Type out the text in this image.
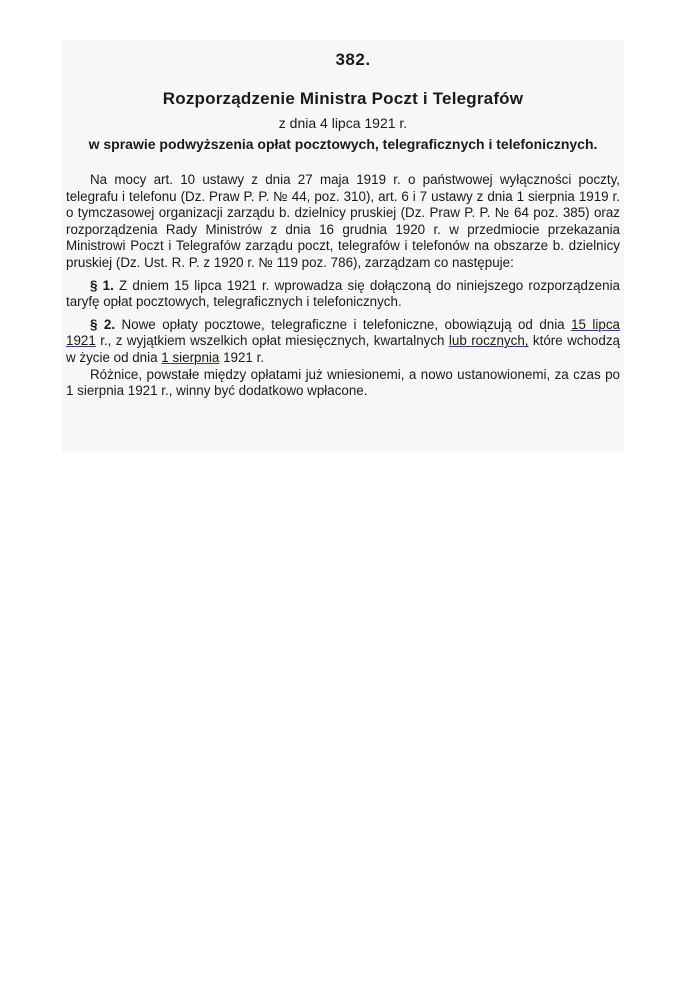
382.
Rozporządzenie Ministra Poczt i Telegrafów
z dnia 4 lipca 1921 r.
w sprawie podwyższenia opłat pocztowych, telegraficznych i telefonicznych.

Na mocy art. 10 ustawy z dnia 27 maja 1919 r. o państwowej wyłączności poczty, telegrafu i telefonu (Dz. Praw P. P. № 44, poz. 310), art. 6 i 7 ustawy z dnia 1 sierpnia 1919 r. o tymczasowej organizacji zarządu b. dzielnicy pruskiej (Dz. Praw P. P. № 64 poz. 385) oraz rozporządzenia Rady Ministrów z dnia 16 grudnia 1920 r. w przedmiocie przekazania Ministrowi Poczt i Telegrafów zarządu poczt, telegrafów i telefonów na obszarze b. dzielnicy pruskiej (Dz. Ust. R. P. z 1920 r. № 119 poz. 786), zarządzam co następuje:

§ 1. Z dniem 15 lipca 1921 r. wprowadza się dołączoną do niniejszego rozporządzenia taryfę opłat pocztowych, telegraficznych i telefonicznych.

§ 2. Nowe opłaty pocztowe, telegraficzne i telefoniczne, obowiązują od dnia 15 lipca 1921 r., z wyjątkiem wszelkich opłat miesięcznych, kwartalnych lub rocznych, które wchodzą w życie od dnia 1 sierpnia 1921 r.

Różnice, powstałe między opłatami już wniesionemi, a nowo ustanowionemi, za czas po 1 sierpnia 1921 r., winny być dodatkowo wpłacone.
